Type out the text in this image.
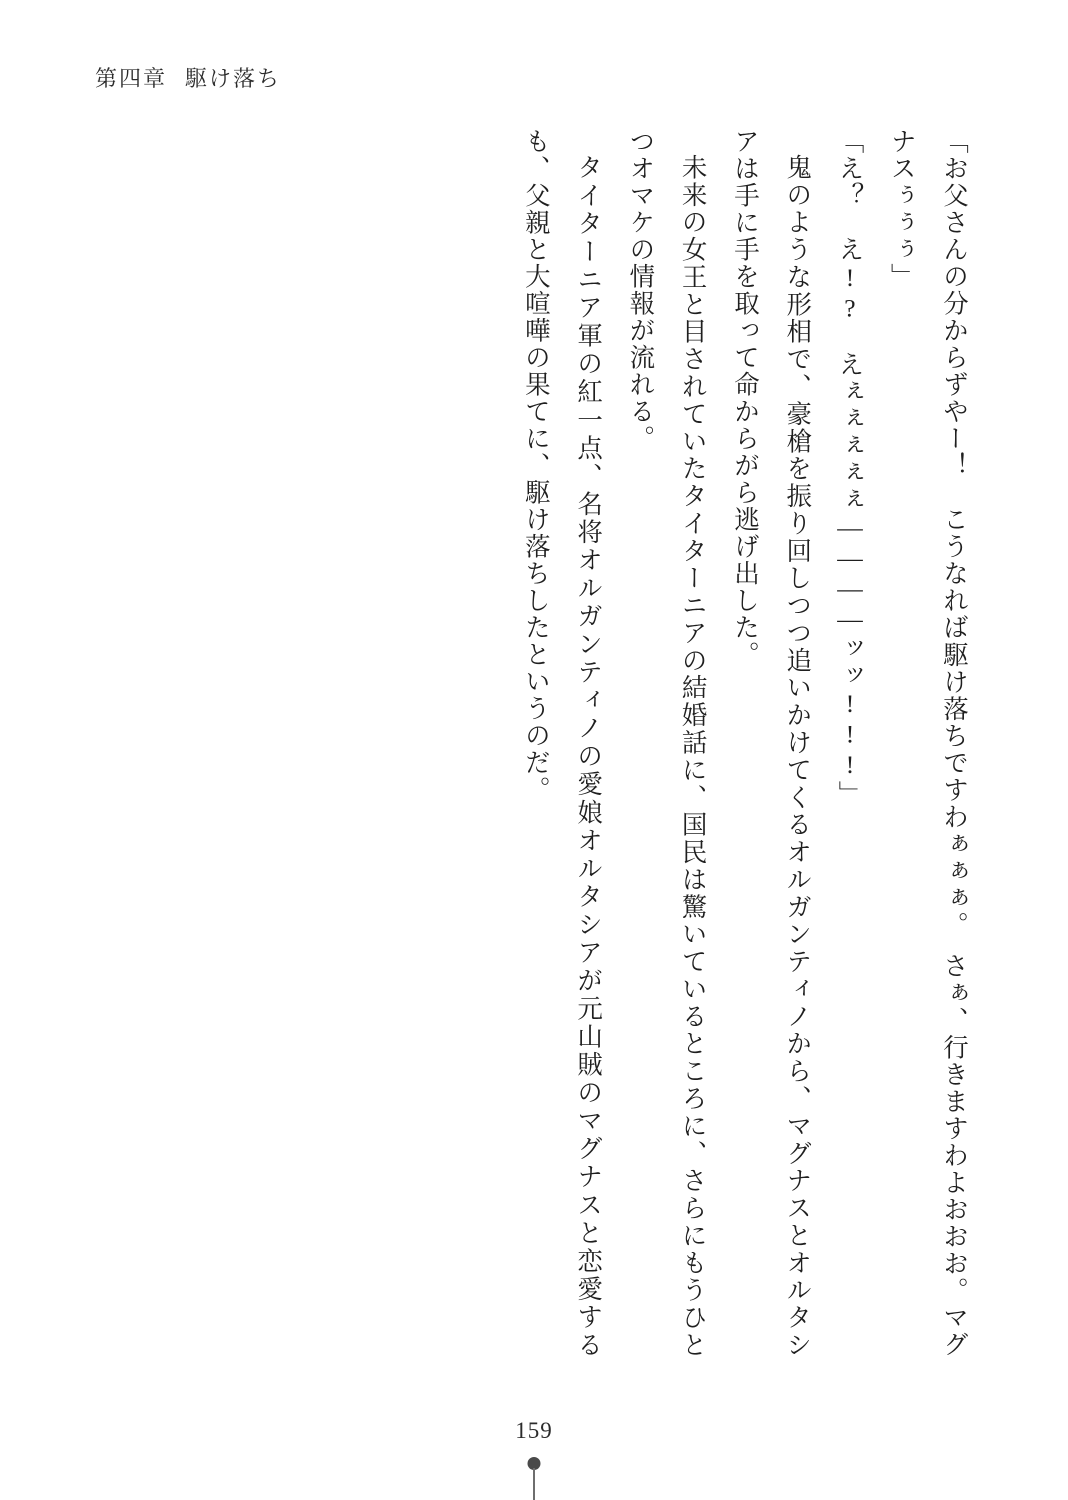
第四章 駆け落ち

「お父さんの分からずやー！　こうなれば駆け落ちですわぁぁぁ。　さぁ、行きますわよおおお。マグナスぅぅぅ」

「え？　え!?　えぇぇぇぇぇ————ッッ!!!」

鬼のような形相で、豪槍を振り回しつつ追いかけてくるオルガンティノから、マグナスとオルタシアは手に手を取って命からがら逃げ出した。

未来の女王と目されていたタイターニアの結婚話に、国民は驚いているところに、さらにもうひとつオマケの情報が流れる。

タイターニア軍の紅一点、名将オルガンティノの愛娘オルタシアが元山賊のマグナスと恋愛するも、父親と大喧嘩の果てに、駆け落ちしたというのだ。

159
